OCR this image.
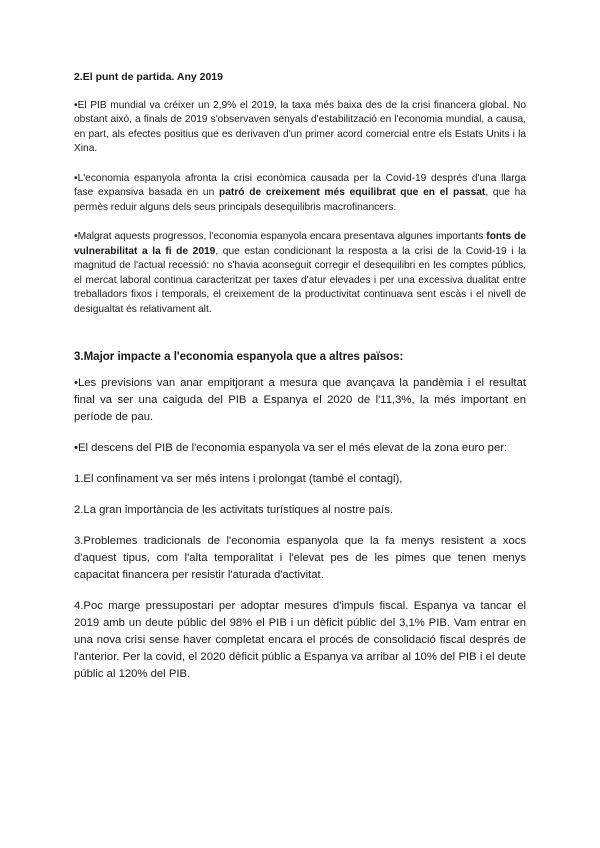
2.El punt de partida. Any 2019

•El PIB mundial va créixer un 2,9% el 2019, la taxa més baixa des de la crisi financera global. No obstant això, a finals de 2019 s'observaven senyals d'estabilització en l'economia mundial, a causa, en part, als efectes positius que es derivaven d'un primer acord comercial entre els Estats Units i la Xina.

•L'economia espanyola afronta la crisi econòmica causada per la Covid-19 després d'una llarga fase expansiva basada en un patró de creixement més equilibrat que en el passat, que ha permès reduir alguns dels seus principals desequilibris macrofinancers.

•Malgrat aquests progressos, l'economia espanyola encara presentava algunes importants fonts de vulnerabilitat a la fi de 2019, que estan condicionant la resposta a la crisi de la Covid-19 i la magnitud de l'actual recessió: no s'havia aconseguit corregir el desequilibri en les comptes públics, el mercat laboral continua caracteritzat per taxes d'atur elevades i per una excessiva dualitat entre treballadors fixos i temporals, el creixement de la productivitat continuava sent escàs i el nivell de desigualtat és relativament alt.

3.Major impacte a l'economia espanyola que a altres països:

•Les previsions van anar empitjorant a mesura que avançava la pandèmia i el resultat final va ser una caiguda del PIB a Espanya el 2020 de l'11,3%, la més important en període de pau.

•El descens del PIB de l'economia espanyola va ser el més elevat de la zona euro per:

1.El confinament va ser més intens i prolongat (també el contagi),

2.La gran importància de les activitats turístiques al nostre país.

3.Problemes tradicionals de l'economia espanyola que la fa menys resistent a xocs d'aquest tipus, com l'alta temporalitat i l'elevat pes de les pimes que tenen menys capacitat financera per resistir l'aturada d'activitat.

4.Poc marge pressupostari per adoptar mesures d'impuls fiscal. Espanya va tancar el 2019 amb un deute públic del 98% el PIB i un dèficit públic del 3,1% PIB. Vam entrar en una nova crisi sense haver completat encara el procés de consolidació fiscal després de l'anterior. Per la covid, el 2020 dèficit públic a Espanya va arribar al 10% del PIB i el deute públic al 120% del PIB.
